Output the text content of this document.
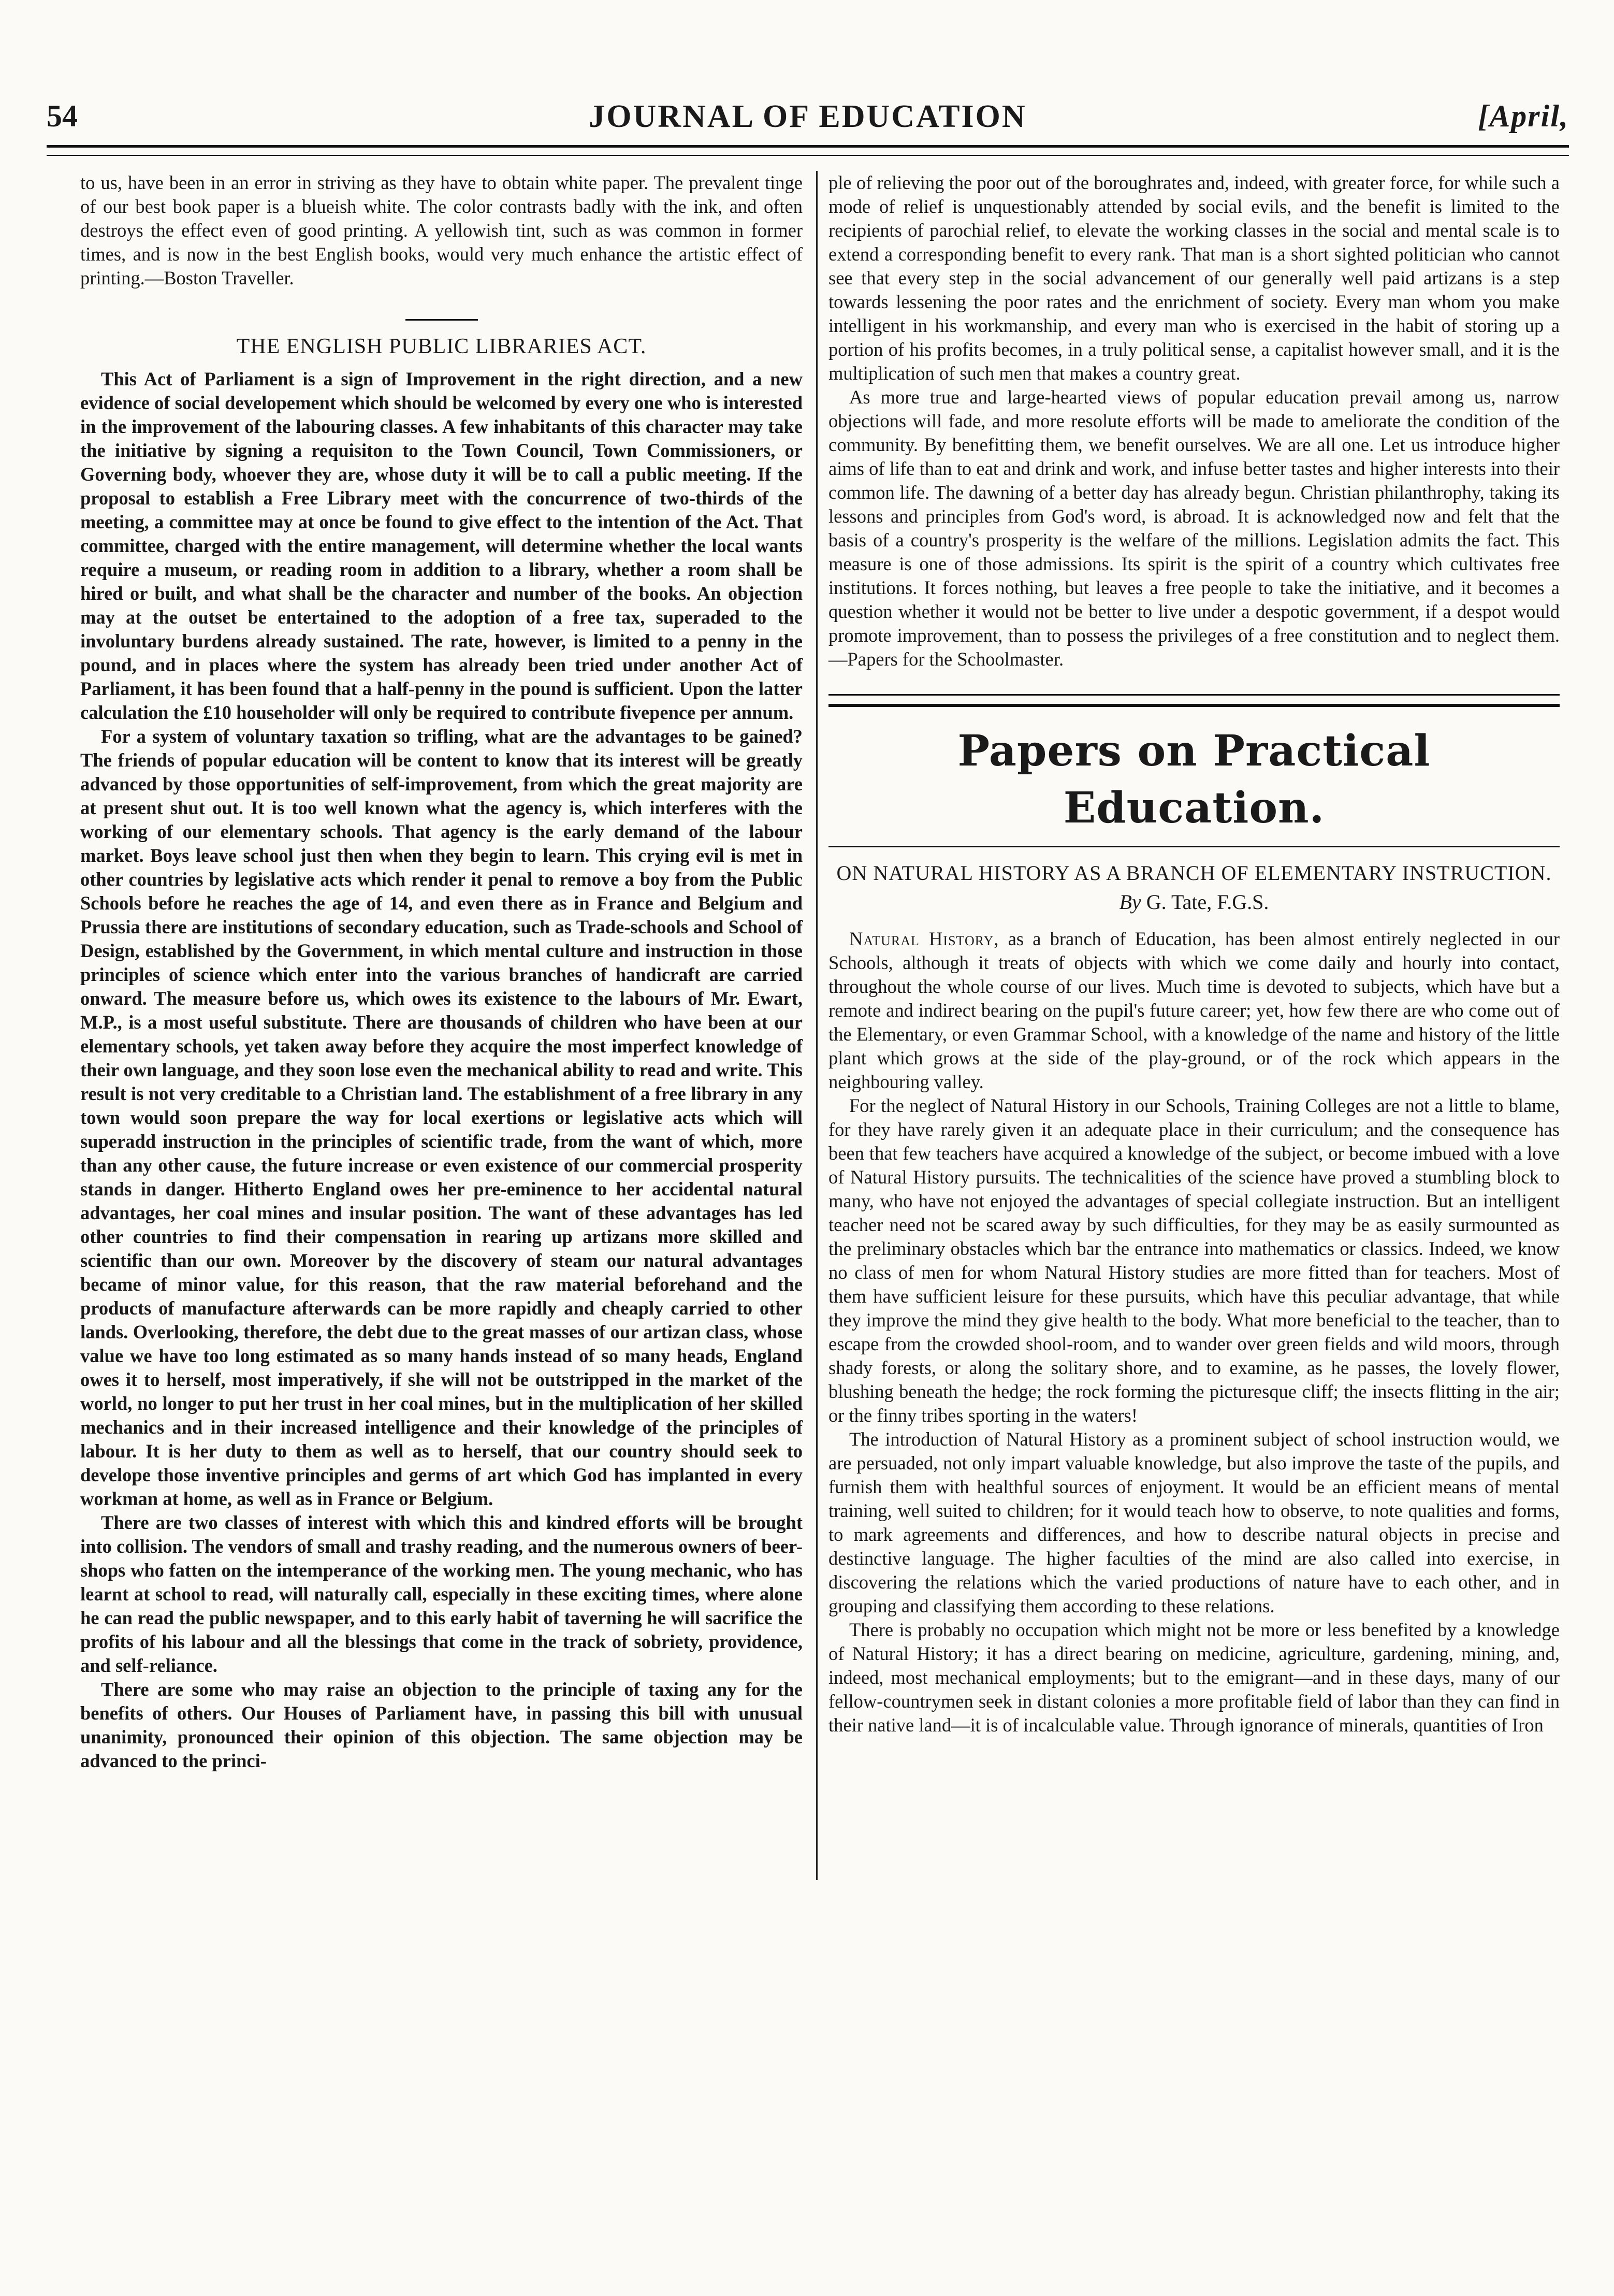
54	JOURNAL OF EDUCATION	[April,

to us, have been in an error in striving as they have to obtain white paper. The prevalent tinge of our best book paper is a blueish white. The color contrasts badly with the ink, and often destroys the effect even of good printing. A yellowish tint, such as was common in former times, and is now in the best English books, would very much enhance the artistic effect of printing.—Boston Traveller.

THE ENGLISH PUBLIC LIBRARIES ACT.

This Act of Parliament is a sign of Improvement in the right direction, and a new evidence of social developement which should be welcomed by every one who is interested in the improvement of the labouring classes. A few inhabitants of this character may take the initiative by signing a requisiton to the Town Council, Town Commissioners, or Governing body, whoever they are, whose duty it will be to call a public meeting. If the proposal to establish a Free Library meet with the concurrence of two-thirds of the meeting, a committee may at once be found to give effect to the intention of the Act. That committee, charged with the entire management, will determine whether the local wants require a museum, or reading room in addition to a library, whether a room shall be hired or built, and what shall be the character and number of the books. An objection may at the outset be entertained to the adoption of a free tax, superaded to the involuntary burdens already sustained. The rate, however, is limited to a penny in the pound, and in places where the system has already been tried under another Act of Parliament, it has been found that a half-penny in the pound is sufficient. Upon the latter calculation the £10 householder will only be required to contribute fivepence per annum.

For a system of voluntary taxation so trifling, what are the advantages to be gained? The friends of popular education will be content to know that its interest will be greatly advanced by those opportunities of self-improvement, from which the great majority are at present shut out. It is too well known what the agency is, which interferes with the working of our elementary schools. That agency is the early demand of the labour market. Boys leave school just then when they begin to learn. This crying evil is met in other countries by legislative acts which render it penal to remove a boy from the Public Schools before he reaches the age of 14, and even there as in France and Belgium and Prussia there are institutions of secondary education, such as Trade-schools and School of Design, established by the Government, in which mental culture and instruction in those principles of science which enter into the various branches of handicraft are carried onward. The measure before us, which owes its existence to the labours of Mr. Ewart, M.P., is a most useful substitute. There are thousands of children who have been at our elementary schools, yet taken away before they acquire the most imperfect knowledge of their own language, and they soon lose even the mechanical ability to read and write. This result is not very creditable to a Christian land. The establishment of a free library in any town would soon prepare the way for local exertions or legislative acts which will superadd instruction in the principles of scientific trade, from the want of which, more than any other cause, the future increase or even existence of our commercial prosperity stands in danger. Hitherto England owes her pre-eminence to her accidental natural advantages, her coal mines and insular position. The want of these advantages has led other countries to find their compensation in rearing up artizans more skilled and scientific than our own. Moreover by the discovery of steam our natural advantages became of minor value, for this reason, that the raw material beforehand and the products of manufacture afterwards can be more rapidly and cheaply carried to other lands. Overlooking, therefore, the debt due to the great masses of our artizan class, whose value we have too long estimated as so many hands instead of so many heads, England owes it to herself, most imperatively, if she will not be outstripped in the market of the world, no longer to put her trust in her coal mines, but in the multiplication of her skilled mechanics and in their increased intelligence and their knowledge of the principles of labour. It is her duty to them as well as to herself, that our country should seek to develope those inventive principles and germs of art which God has implanted in every workman at home, as well as in France or Belgium.

There are two classes of interest with which this and kindred efforts will be brought into collision. The vendors of small and trashy reading, and the numerous owners of beer-shops who fatten on the intemperance of the working men. The young mechanic, who has learnt at school to read, will naturally call, especially in these exciting times, where alone he can read the public newspaper, and to this early habit of taverning he will sacrifice the profits of his labour and all the blessings that come in the track of sobriety, providence, and self-reliance.

There are some who may raise an objection to the principle of taxing any for the benefits of others. Our Houses of Parliament have, in passing this bill with unusual unanimity, pronounced their opinion of this objection. The same objection may be advanced to the princi-

ple of relieving the poor out of the boroughrates and, indeed, with greater force, for while such a mode of relief is unquestionably attended by social evils, and the benefit is limited to the recipients of parochial relief, to elevate the working classes in the social and mental scale is to extend a corresponding benefit to every rank. That man is a short sighted politician who cannot see that every step in the social advancement of our generally well paid artizans is a step towards lessening the poor rates and the enrichment of society. Every man whom you make intelligent in his workmanship, and every man who is exercised in the habit of storing up a portion of his profits becomes, in a truly political sense, a capitalist however small, and it is the multiplication of such men that makes a country great.

As more true and large-hearted views of popular education prevail among us, narrow objections will fade, and more resolute efforts will be made to ameliorate the condition of the community. By benefitting them, we benefit ourselves. We are all one. Let us introduce higher aims of life than to eat and drink and work, and infuse better tastes and higher interests into their common life. The dawning of a better day has already begun. Christian philanthrophy, taking its lessons and principles from God's word, is abroad. It is acknowledged now and felt that the basis of a country's prosperity is the welfare of the millions. Legislation admits the fact. This measure is one of those admissions. Its spirit is the spirit of a country which cultivates free institutions. It forces nothing, but leaves a free people to take the initiative, and it becomes a question whether it would not be better to live under a despotic government, if a despot would promote improvement, than to possess the privileges of a free constitution and to neglect them.—Papers for the Schoolmaster.

Papers on Practical Education.
ON NATURAL HISTORY AS A BRANCH OF ELEMENTARY INSTRUCTION.
By G. Tate, F.G.S.

Natural History, as a branch of Education, has been almost entirely neglected in our Schools, although it treats of objects with which we come daily and hourly into contact, throughout the whole course of our lives. Much time is devoted to subjects, which have but a remote and indirect bearing on the pupil's future career; yet, how few there are who come out of the Elementary, or even Grammar School, with a knowledge of the name and history of the little plant which grows at the side of the play-ground, or of the rock which appears in the neighbouring valley.

For the neglect of Natural History in our Schools, Training Colleges are not a little to blame, for they have rarely given it an adequate place in their curriculum; and the consequence has been that few teachers have acquired a knowledge of the subject, or become imbued with a love of Natural History pursuits. The technicalities of the science have proved a stumbling block to many, who have not enjoyed the advantages of special collegiate instruction. But an intelligent teacher need not be scared away by such difficulties, for they may be as easily surmounted as the preliminary obstacles which bar the entrance into mathematics or classics. Indeed, we know no class of men for whom Natural History studies are more fitted than for teachers. Most of them have sufficient leisure for these pursuits, which have this peculiar advantage, that while they improve the mind they give health to the body. What more beneficial to the teacher, than to escape from the crowded shool-room, and to wander over green fields and wild moors, through shady forests, or along the solitary shore, and to examine, as he passes, the lovely flower, blushing beneath the hedge; the rock forming the picturesque cliff; the insects flitting in the air; or the finny tribes sporting in the waters!

The introduction of Natural History as a prominent subject of school instruction would, we are persuaded, not only impart valuable knowledge, but also improve the taste of the pupils, and furnish them with healthful sources of enjoyment. It would be an efficient means of mental training, well suited to children; for it would teach how to observe, to note qualities and forms, to mark agreements and differences, and how to describe natural objects in precise and destinctive language. The higher faculties of the mind are also called into exercise, in discovering the relations which the varied productions of nature have to each other, and in grouping and classifying them according to these relations.

There is probably no occupation which might not be more or less benefited by a knowledge of Natural History; it has a direct bearing on medicine, agriculture, gardening, mining, and, indeed, most mechanical employments; but to the emigrant—and in these days, many of our fellow-countrymen seek in distant colonies a more profitable field of labor than they can find in their native land—it is of incalculable value. Through ignorance of minerals, quantities of Iron
